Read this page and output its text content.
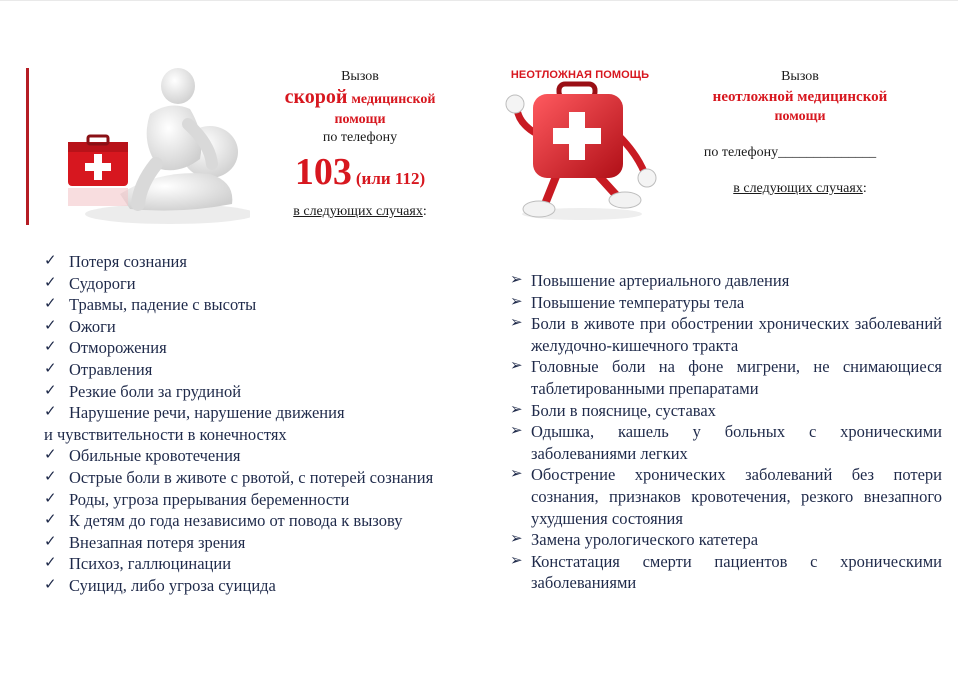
Вызов
скорой медицинской
помощи
по телефону
103 (или 112)
в следующих случаях:
НЕОТЛОЖНАЯ ПОМОЩЬ	Вызов
неотложной медицинской
помощи
по телефону______________
в следующих случаях:
✓ Потеря сознания
✓ Судороги
✓ Травмы, падение с высоты
✓ Ожоги
✓ Отморожения
✓ Отравления
✓ Резкие боли за грудиной
✓ Нарушение речи, нарушение движения
и чувствительности в конечностях
✓ Обильные кровотечения
✓ Острые боли в животе с рвотой, с потерей сознания
✓ Роды, угроза прерывания беременности
✓ К детям до года независимо от повода к вызову
✓ Внезапная потеря зрения
✓ Психоз, галлюцинации
✓ Суицид, либо угроза суицида
➢ Повышение артериального давления
➢ Повышение температуры тела
➢ Боли в животе при обострении хронических заболеваний желудочно-кишечного тракта
➢ Головные боли на фоне мигрени, не снимающиеся таблетированными препаратами
➢ Боли в пояснице, суставах
➢ Одышка, кашель у больных с хроническими заболеваниями легких
➢ Обострение хронических заболеваний без потери сознания, признаков кровотечения, резкого внезапного ухудшения состояния
➢ Замена урологического катетера
➢ Констатация смерти пациентов с хроническими заболеваниями
